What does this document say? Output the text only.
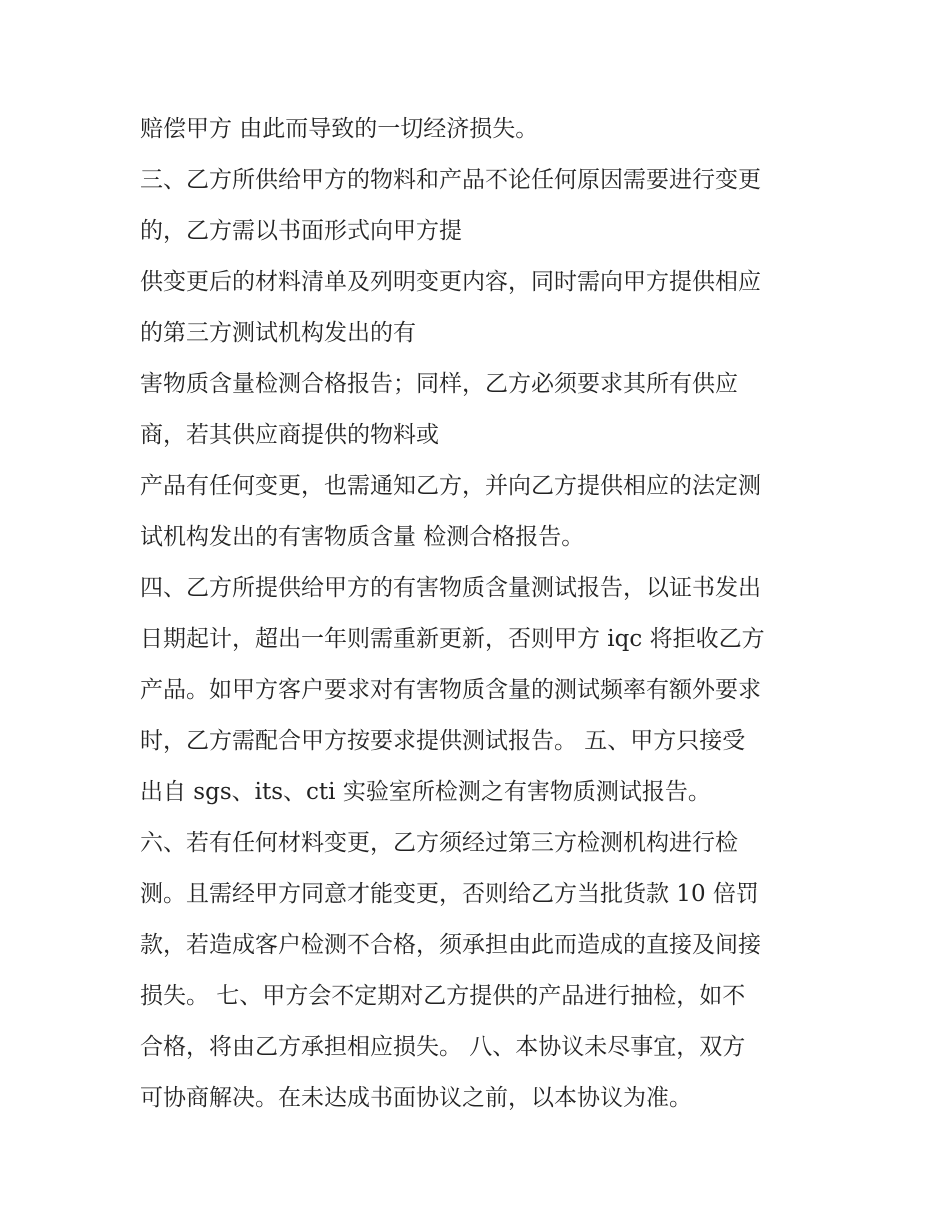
赔偿甲方 由此而导致的一切经济损失。
三、乙方所供给甲方的物料和产品不论任何原因需要进行变更
的，乙方需以书面形式向甲方提
供变更后的材料清单及列明变更内容，同时需向甲方提供相应
的第三方测试机构发出的有
害物质含量检测合格报告；同样，乙方必须要求其所有供应
商，若其供应商提供的物料或
产品有任何变更，也需通知乙方，并向乙方提供相应的法定测
试机构发出的有害物质含量 检测合格报告。
四、乙方所提供给甲方的有害物质含量测试报告，以证书发出
日期起计，超出一年则需重新更新，否则甲方 iqc 将拒收乙方
产品。如甲方客户要求对有害物质含量的测试频率有额外要求
时，乙方需配合甲方按要求提供测试报告。 五、甲方只接受
出自 sgs、its、cti 实验室所检测之有害物质测试报告。
六、若有任何材料变更，乙方须经过第三方检测机构进行检
测。且需经甲方同意才能变更，否则给乙方当批货款 10 倍罚
款，若造成客户检测不合格，须承担由此而造成的直接及间接
损失。 七、甲方会不定期对乙方提供的产品进行抽检，如不
合格，将由乙方承担相应损失。 八、本协议未尽事宜，双方
可协商解决。在未达成书面协议之前，以本协议为准。
